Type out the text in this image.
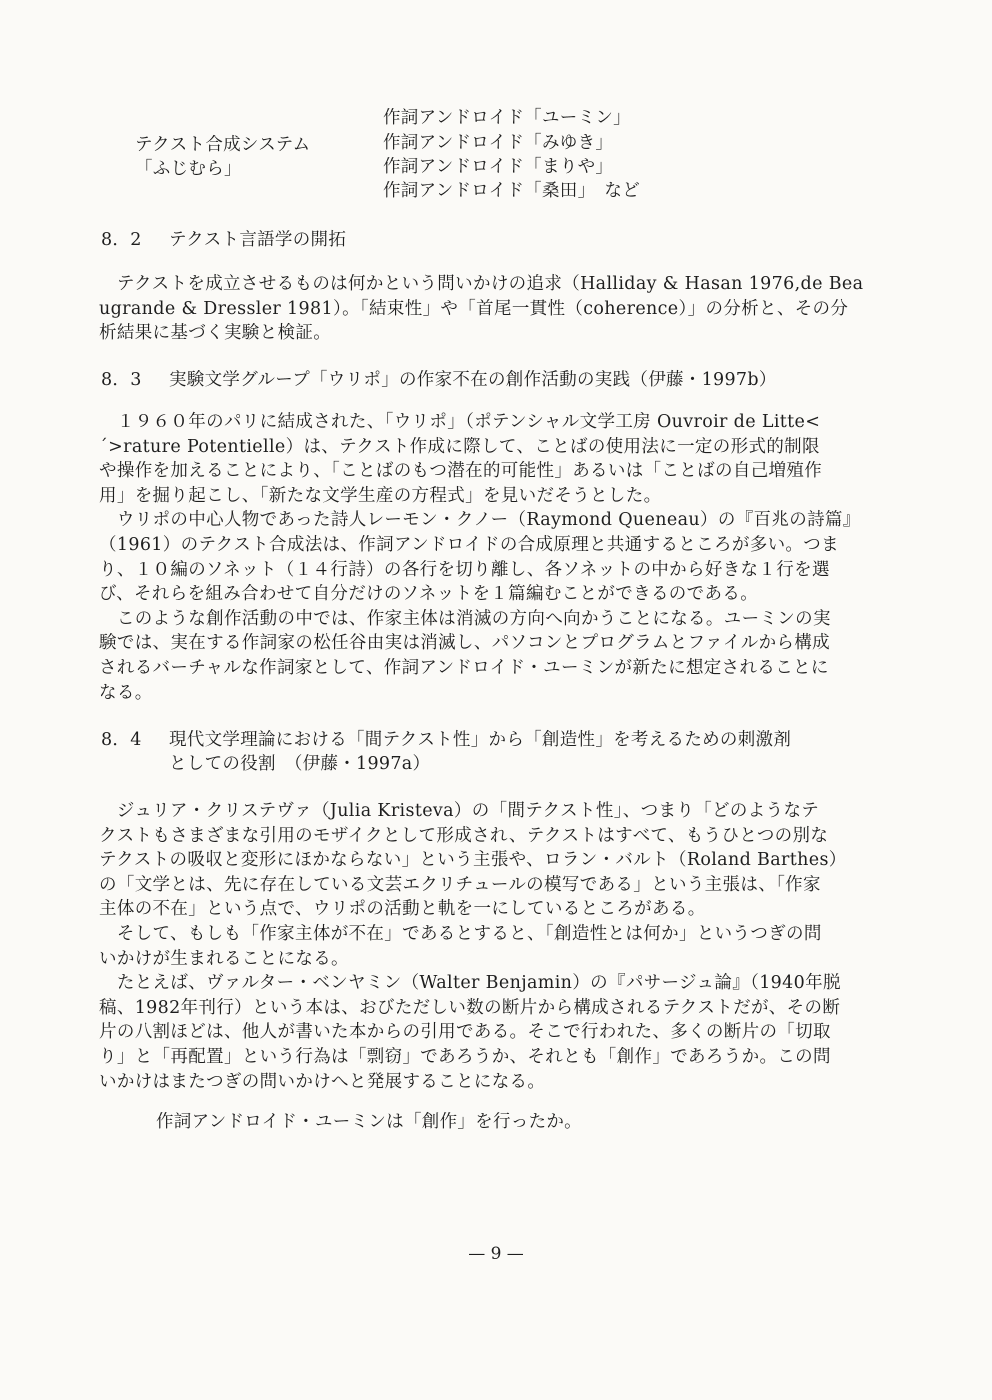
作詞アンドロイド「ユーミン」
テクスト合成システム	作詞アンドロイド「みゆき」
「ふじむら」	作詞アンドロイド「まりや」
作詞アンドロイド「桑田」　など
8．2 テクスト言語学の開拓

　テクストを成立させるものは何かという問いかけの追求（Halliday & Hasan 1976,de Bea

ugrande & Dressler 1981）。「結束性」や「首尾一貫性（coherence）」の分析と、その分

析結果に基づく実験と検証。

8．3 実験文学グループ「ウリポ」の作家不在の創作活動の実践（伊藤・1997b）

　１９６０年のパリに結成された、「ウリポ」（ポテンシャル文学工房 Ouvroir de Litte<

´>rature Potentielle）は、テクスト作成に際して、ことばの使用法に一定の形式的制限

や操作を加えることにより、「ことばのもつ潜在的可能性」あるいは「ことばの自己増殖作

用」を掘り起こし、「新たな文学生産の方程式」を見いだそうとした。

　ウリポの中心人物であった詩人レーモン・クノー（Raymond Queneau）の『百兆の詩篇』

（1961）のテクスト合成法は、作詞アンドロイドの合成原理と共通するところが多い。つま

り、１０編のソネット（１４行詩）の各行を切り離し、各ソネットの中から好きな１行を選

び、それらを組み合わせて自分だけのソネットを１篇編むことができるのである。

　このような創作活動の中では、作家主体は消滅の方向へ向かうことになる。ユーミンの実

験では、実在する作詞家の松任谷由実は消滅し、パソコンとプログラムとファイルから構成

されるバーチャルな作詞家として、作詞アンドロイド・ユーミンが新たに想定されることに

なる。

8．4 現代文学理論における「間テクスト性」から「創造性」を考えるための刺激剤
としての役割　（伊藤・1997a）

　ジュリア・クリステヴァ（Julia Kristeva）の「間テクスト性」、つまり「どのようなテ

クストもさまざまな引用のモザイクとして形成され、テクストはすべて、もうひとつの別な

テクストの吸収と変形にほかならない」という主張や、ロラン・バルト（Roland Barthes）

の「文学とは、先に存在している文芸エクリチュールの模写である」という主張は、「作家

主体の不在」という点で、ウリポの活動と軌を一にしているところがある。

　そして、もしも「作家主体が不在」であるとすると、「創造性とは何か」というつぎの問

いかけが生まれることになる。

　たとえば、ヴァルター・ベンヤミン（Walter Benjamin）の『パサージュ論』（1940年脱

稿、1982年刊行）という本は、おびただしい数の断片から構成されるテクストだが、その断

片の八割ほどは、他人が書いた本からの引用である。そこで行われた、多くの断片の「切取

り」と「再配置」という行為は「剽窃」であろうか、それとも「創作」であろうか。この問

いかけはまたつぎの問いかけへと発展することになる。

作詞アンドロイド・ユーミンは「創作」を行ったか。
— 9 —
